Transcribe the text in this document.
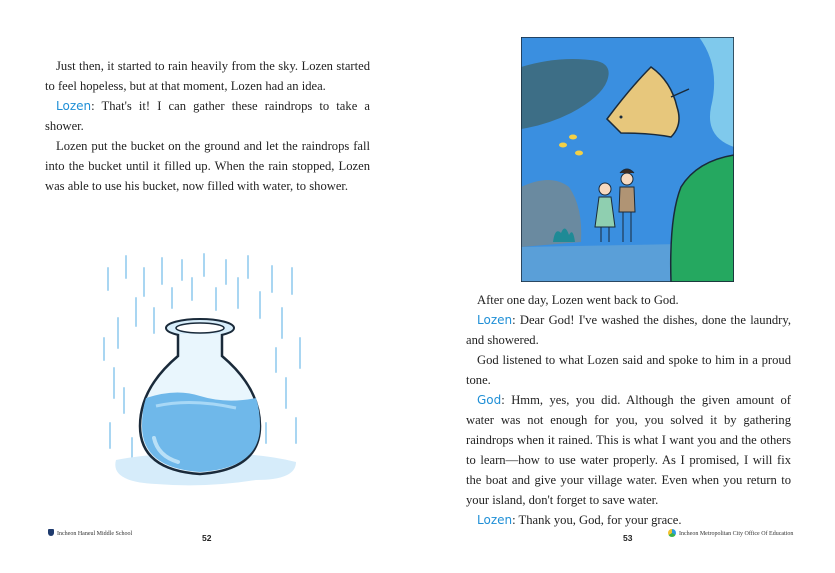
Just then, it started to rain heavily from the sky. Lozen started to feel hopeless, but at that moment, Lozen had an idea.

Lozen: That's it! I can gather these raindrops to take a shower.

Lozen put the bucket on the ground and let the raindrops fall into the bucket until it filled up. When the rain stopped, Lozen was able to use his bucket, now filled with water, to shower.

Incheon Haneul Middle School	52

After one day, Lozen went back to God.

Lozen: Dear God! I've washed the dishes, done the laundry, and showered.

God listened to what Lozen said and spoke to him in a proud tone.

God: Hmm, yes, you did. Although the given amount of water was not enough for you, you solved it by gathering raindrops when it rained. This is what I want you and the others to learn—how to use water properly. As I promised, I will fix the boat and give your village water. Even when you return to your island, don't forget to save water.

Lozen: Thank you, God, for your grace.

53	Incheon Metropolitan City Office Of Education
